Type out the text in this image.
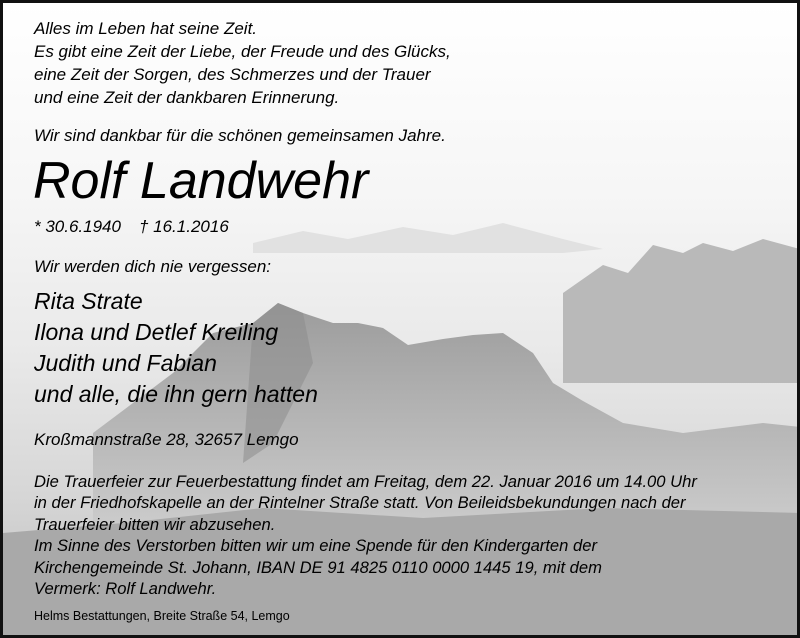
Alles im Leben hat seine Zeit.
Es gibt eine Zeit der Liebe, der Freude und des Glücks,
eine Zeit der Sorgen, des Schmerzes und der Trauer
und eine Zeit der dankbaren Erinnerung.
Wir sind dankbar für die schönen gemeinsamen Jahre.
Rolf Landwehr
* 30.6.1940 † 16.1.2016
Wir werden dich nie vergessen:
Rita Strate
Ilona und Detlef Kreiling
Judith und Fabian
und alle, die ihn gern hatten
Kroßmannstraße 28, 32657 Lemgo
Die Trauerfeier zur Feuerbestattung findet am Freitag, dem 22. Januar 2016 um 14.00 Uhr
in der Friedhofskapelle an der Rintelner Straße statt. Von Beileidsbekundungen nach der
Trauerfeier bitten wir abzusehen.
Im Sinne des Verstorben bitten wir um eine Spende für den Kindergarten der
Kirchengemeinde St. Johann, IBAN DE 91 4825 0110 0000 1445 19, mit dem
Vermerk: Rolf Landwehr.
Helms Bestattungen, Breite Straße 54, Lemgo
